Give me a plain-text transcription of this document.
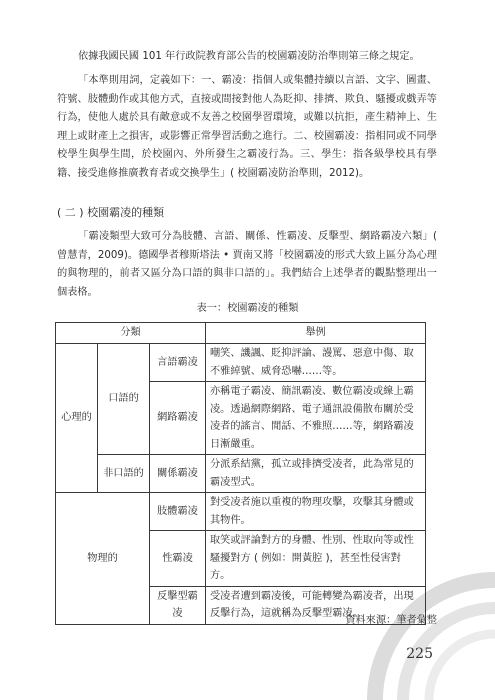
依據我國民國 101 年行政院教育部公告的校園霸凌防治準則第三條之規定。

「本準則用詞，定義如下：一、霸凌：指個人或集體持續以言語、文字、圖畫、符號、肢體動作或其他方式，直接或間接對他人為貶抑、排擠、欺負、騷擾或戲弄等行為，使他人處於具有敵意或不友善之校園學習環境，或難以抗拒，產生精神上、生理上或財產上之損害，或影響正常學習活動之進行。二、校園霸凌：指相同或不同學校學生與學生間，於校園內、外所發生之霸凌行為。三、學生：指各級學校具有學籍、接受進修推廣教育者或交換學生」( 校園霸凌防治準則，2012)。

( 二 ) 校園霸凌的種類

「霸凌類型大致可分為肢體、言語、關係、性霸凌、反擊型、網路霸凌六類」( 曾慧青，2009)。德國學者穆斯塔法 • 賈南又將「校園霸凌的形式大致上區分為心理的與物理的，前者又區分為口語的與非口語的」。我們結合上述學者的觀點整理出一個表格。

表一：校園霸凌的種類
分類			舉例
心理的	口語的	言語霸凌	嘲笑、譏諷、貶抑評論、謾罵、惡意中傷、取不雅綽號、威脅恐嚇……等。
		網路霸凌	亦稱電子霸凌、簡訊霸凌、數位霸凌或線上霸凌。透過網際網路、電子通訊設備散布關於受凌者的謠言、閒話、不雅照……等，網路霸凌日漸嚴重。
	非口語的	關係霸凌	分派系結黨，孤立或排擠受凌者，此為常見的霸凌型式。
物理的		肢體霸凌	對受凌者施以重複的物理攻擊，攻擊其身體或其物件。
		性霸凌	取笑或評論對方的身體、性別、性取向等或性騷擾對方 ( 例如：開黃腔 )，甚至性侵害對方。
		反擊型霸凌	受凌者遭到霸凌後，可能轉變為霸凌者，出現反擊行為，這就稱為反擊型霸凌。
資料來源：筆者彙整
225
